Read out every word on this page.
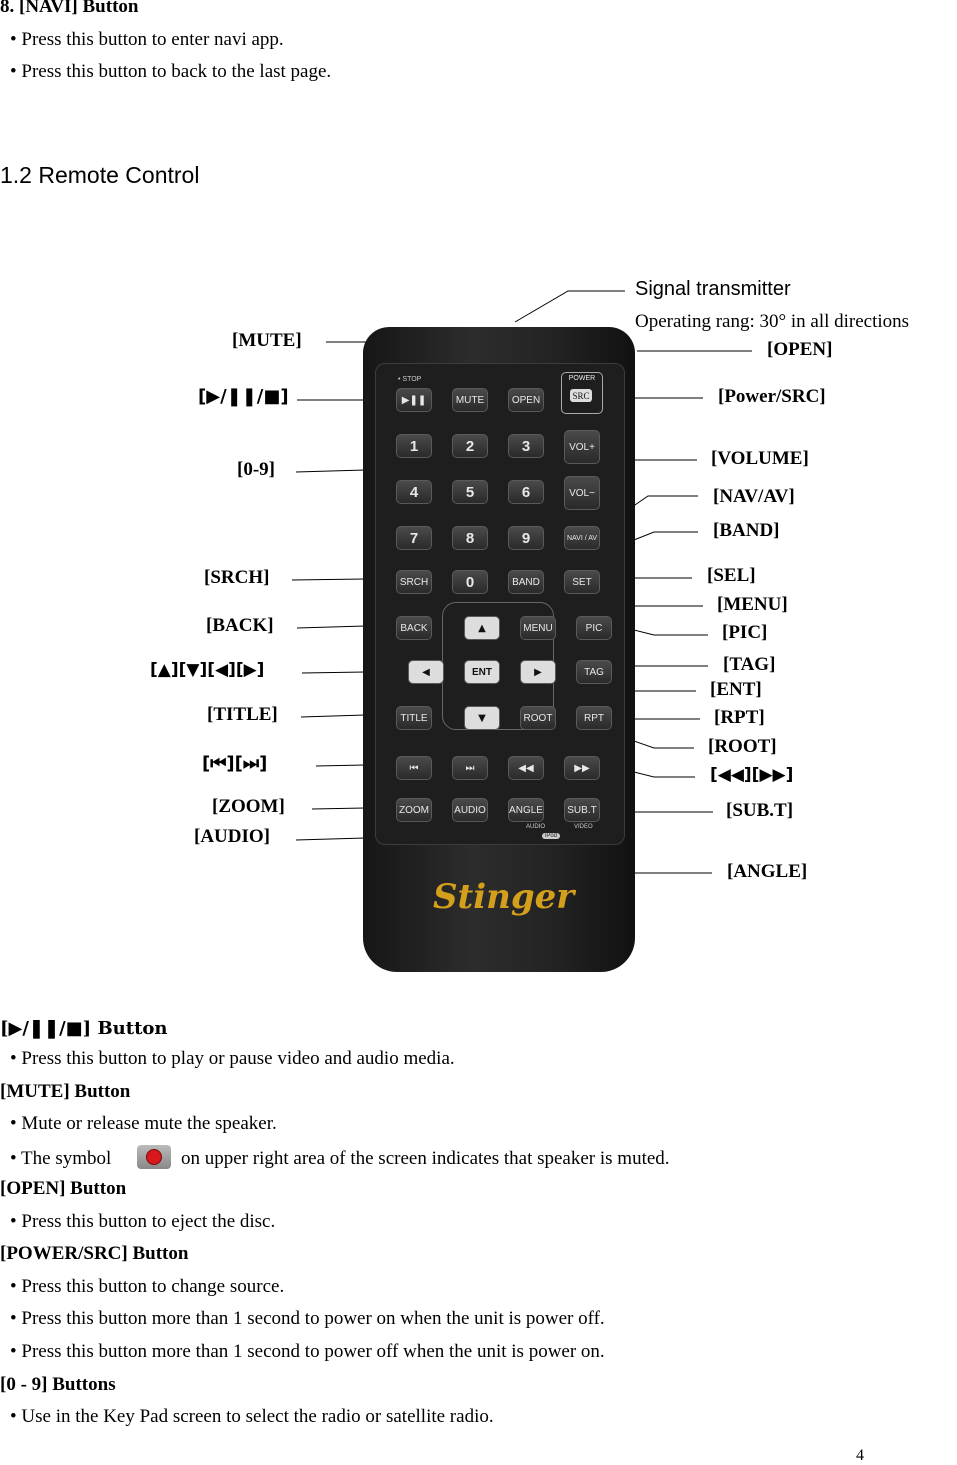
8. [NAVI] Button
• Press this button to enter navi app.
• Press this button to back to the last page.
1.2 Remote Control
Signal transmitter
Operating rang: 30° in all directions
[MUTE]
[▶/❚❚/■]
[0-9]
[SRCH]
[BACK]
[▲][▼][◀][▶]
[TITLE]
[⏮][⏭]
[ZOOM]
[AUDIO]
[OPEN]
[Power/SRC]
[VOLUME]
[NAV/AV]
[BAND]
[SEL]
[MENU]
[PIC]
[TAG]
[ENT]
[RPT]
[ROOT]
[◀◀][▶▶]
[SUB.T]
[ANGLE]
• STOP
▶❚❚	MUTE	OPEN
POWER
SRC
1	2	3
4	5	6
7	8	9
VOL+
VOL−
NAVI / AV
SRCH	0	BAND	SET
BACK	▲	MENU	PIC
◀	ENT	▶	TAG
TITLE	▼	ROOT	RPT
⏮	⏭	◀◀	▶▶
ZOOM	AUDIO ANGLE	SUB.T
AUDIO	VIDEO
iPod
Stinger
[▶/❚❚/■] Button
• Press this button to play or pause video and audio media.
[MUTE] Button
• Mute or release mute the speaker.
• The symbol	on upper right area of the screen indicates that speaker is muted.
[OPEN] Button
• Press this button to eject the disc.
[POWER/SRC] Button
• Press this button to change source.
• Press this button more than 1 second to power on when the unit is power off.
• Press this button more than 1 second to power off when the unit is power on.
[0 - 9] Buttons
• Use in the Key Pad screen to select the radio or satellite radio.
4
